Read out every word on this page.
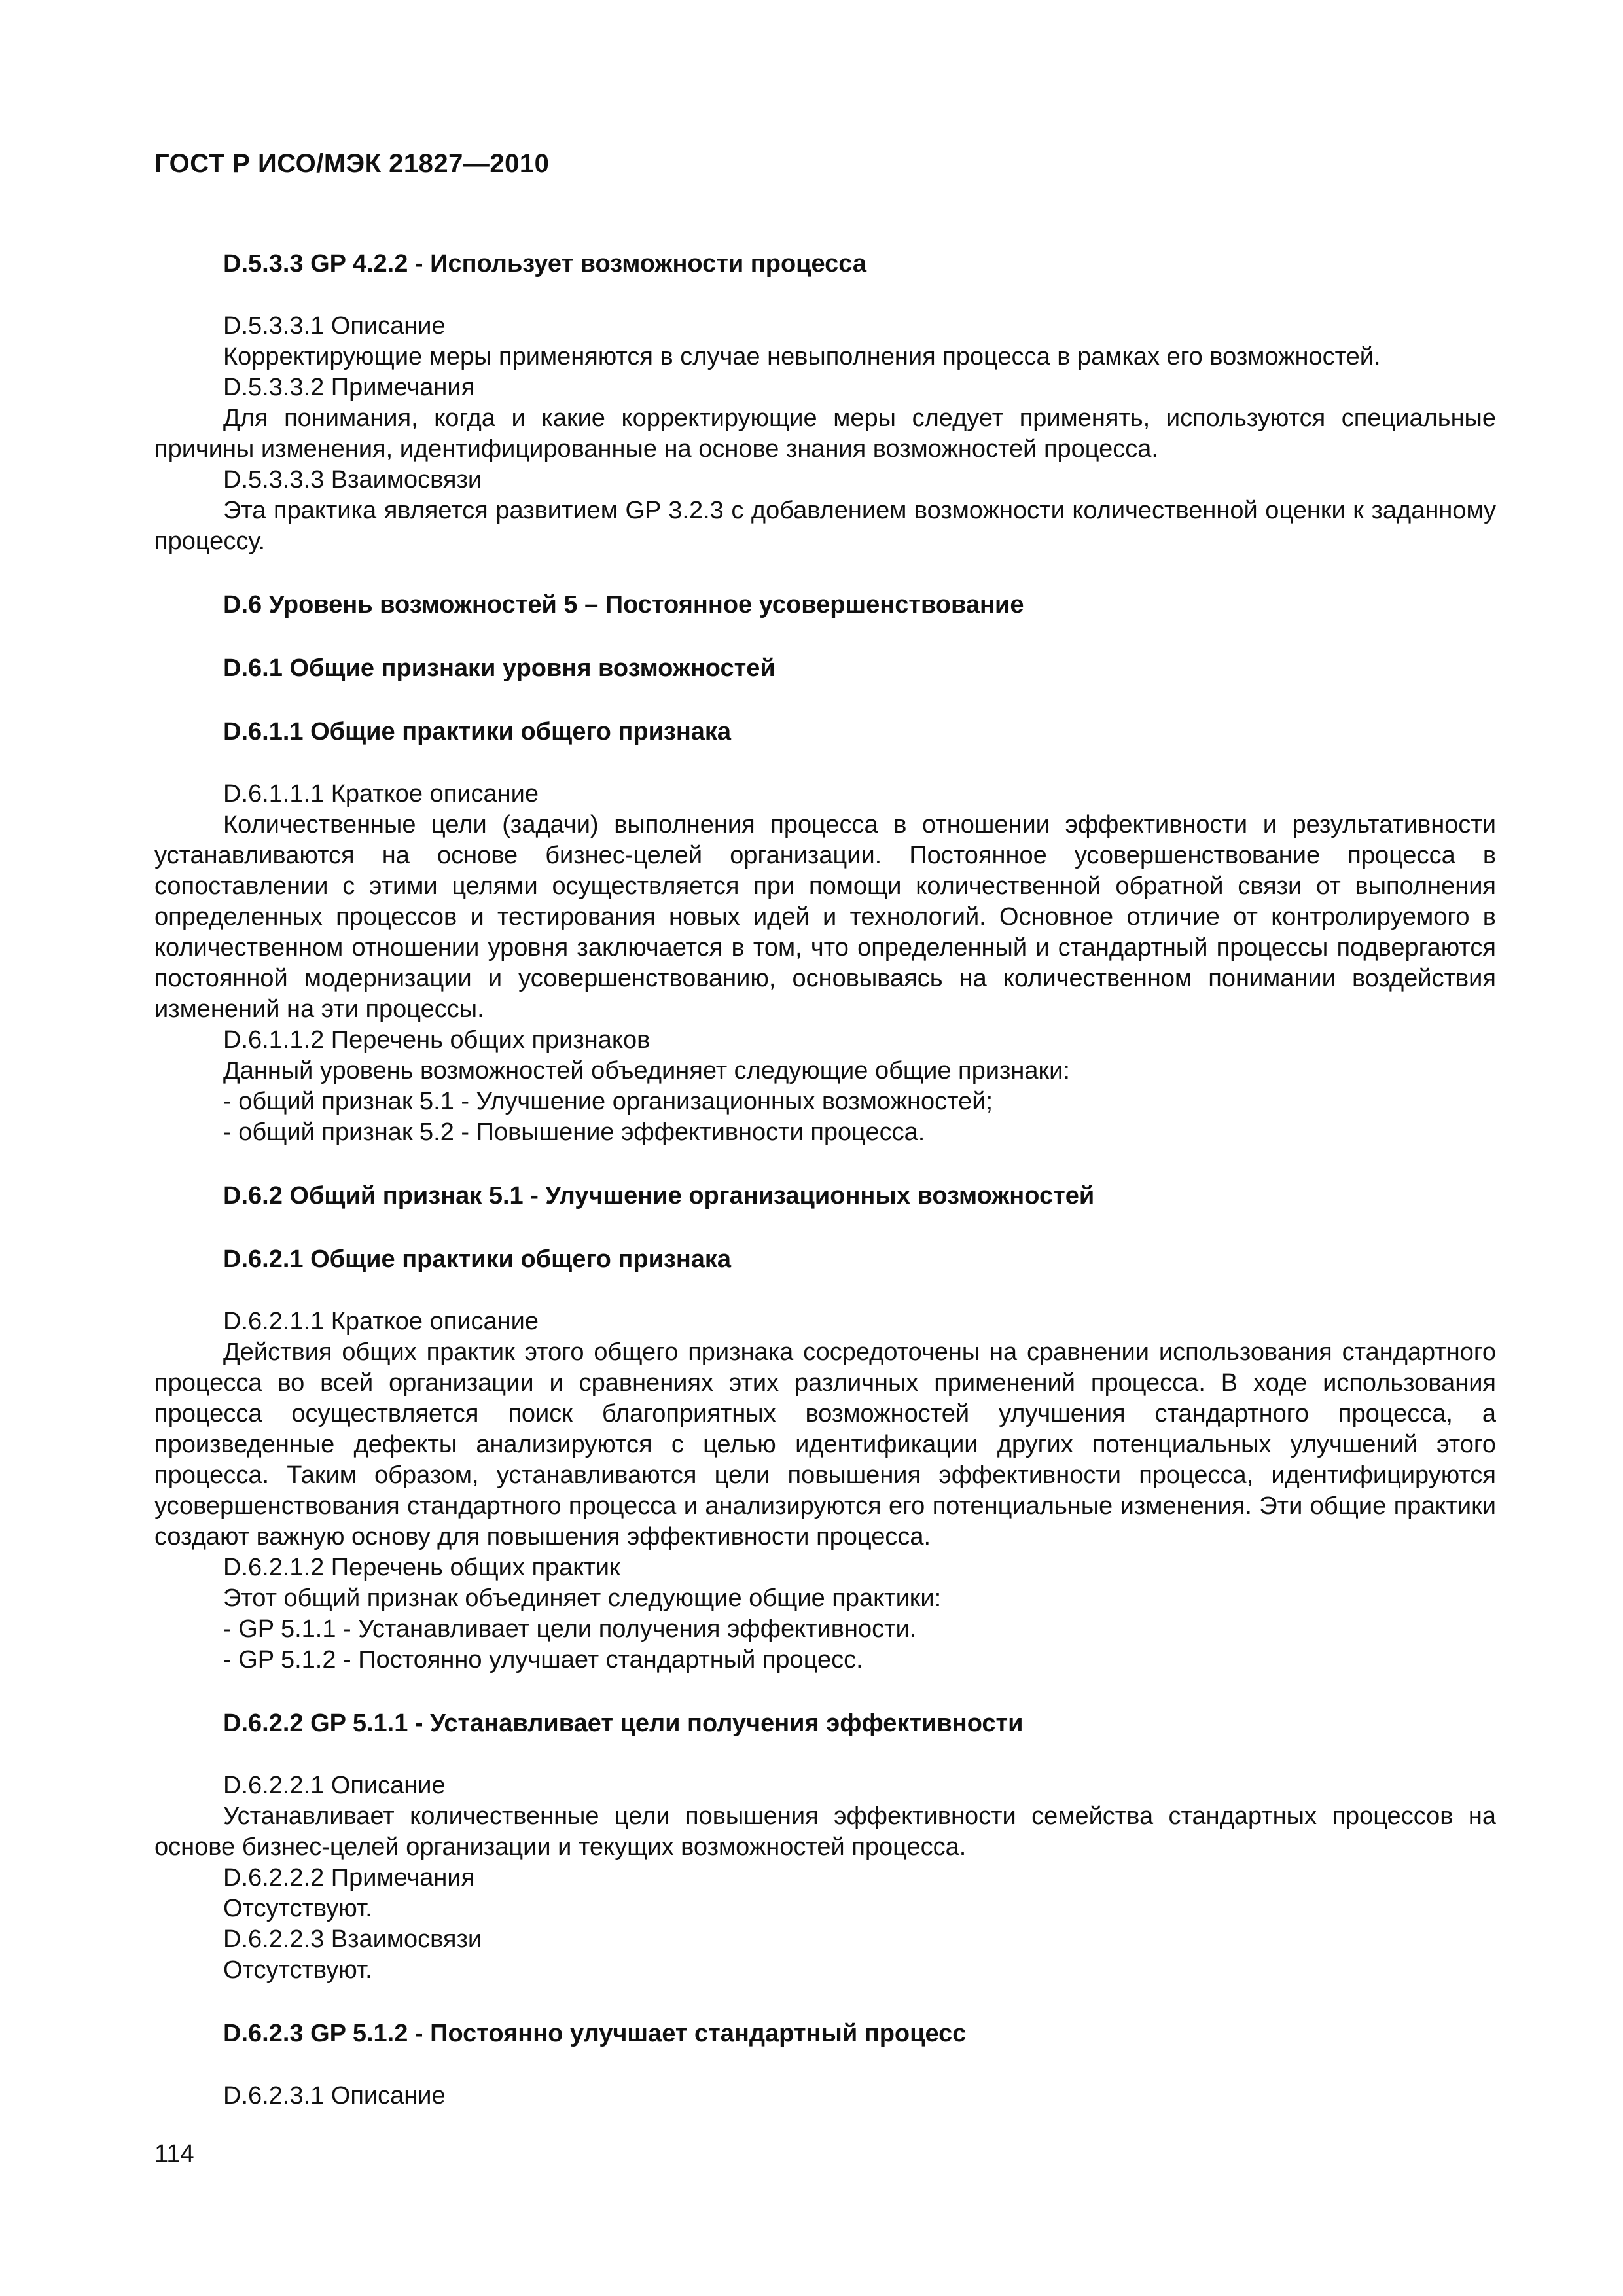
ГОСТ Р ИСО/МЭК 21827—2010
D.5.3.3 GP 4.2.2 - Использует возможности процесса
D.5.3.3.1 Описание
Корректирующие меры применяются в случае невыполнения процесса в рамках его возможностей.
D.5.3.3.2 Примечания
Для понимания, когда и какие корректирующие меры следует применять, используются специальные причины изменения, идентифицированные на основе знания возможностей процесса.
D.5.3.3.3 Взаимосвязи
Эта практика является развитием GP 3.2.3 с добавлением возможности количественной оценки к заданному процессу.
D.6 Уровень возможностей 5 – Постоянное усовершенствование
D.6.1 Общие признаки уровня возможностей
D.6.1.1 Общие практики общего признака
D.6.1.1.1 Краткое описание
Количественные цели (задачи) выполнения процесса в отношении эффективности и результативности устанавливаются на основе бизнес-целей организации. Постоянное усовершенствование процесса в сопоставлении с этими целями осуществляется при помощи количественной обратной связи от выполнения определенных процессов и тестирования новых идей и технологий. Основное отличие от контролируемого в количественном отношении уровня заключается в том, что определенный и стандартный процессы подвергаются постоянной модернизации и усовершенствованию, основываясь на количественном понимании воздействия изменений на эти процессы.
D.6.1.1.2 Перечень общих признаков
Данный уровень возможностей объединяет следующие общие признаки:
- общий признак 5.1 - Улучшение организационных возможностей;
- общий признак 5.2 - Повышение эффективности процесса.
D.6.2 Общий признак 5.1 - Улучшение организационных возможностей
D.6.2.1 Общие практики общего признака
D.6.2.1.1 Краткое описание
Действия общих практик этого общего признака сосредоточены на сравнении использования стандартного процесса во всей организации и сравнениях этих различных применений процесса. В ходе использования процесса осуществляется поиск благоприятных возможностей улучшения стандартного процесса, а произведенные дефекты анализируются с целью идентификации других потенциальных улучшений этого процесса. Таким образом, устанавливаются цели повышения эффективности процесса, идентифицируются усовершенствования стандартного процесса и анализируются его потенциальные изменения. Эти общие практики создают важную основу для повышения эффективности процесса.
D.6.2.1.2 Перечень общих практик
Этот общий признак объединяет следующие общие практики:
- GP 5.1.1 - Устанавливает цели получения эффективности.
- GP 5.1.2 - Постоянно улучшает стандартный процесс.
D.6.2.2 GP 5.1.1 - Устанавливает цели получения эффективности
D.6.2.2.1 Описание
Устанавливает количественные цели повышения эффективности семейства стандартных процессов на основе бизнес-целей организации и текущих возможностей процесса.
D.6.2.2.2 Примечания
Отсутствуют.
D.6.2.2.3 Взаимосвязи
Отсутствуют.
D.6.2.3 GP 5.1.2 - Постоянно улучшает стандартный процесс
D.6.2.3.1 Описание
114
